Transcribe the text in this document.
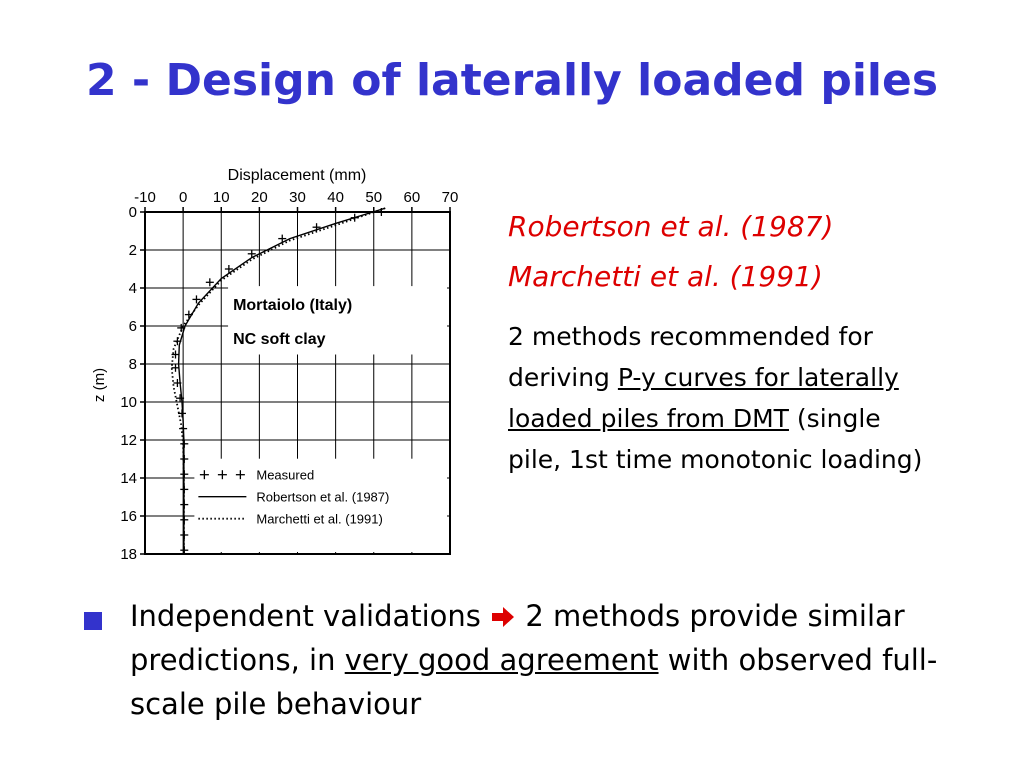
2 - Design of laterally loaded piles
Displacement (mm)
z (m)
-10 0 10 20 30 40 50 60 70
0
2
4
6
8
10
12
14
16
18
Mortaiolo (Italy)
NC soft clay
Measured
Robertson et al. (1987)
Marchetti et al. (1991)
Robertson et al. (1987)
Marchetti et al. (1991)
2 methods recommended for deriving P-y curves for laterally loaded piles from DMT (single pile, 1st time monotonic loading)
Independent validations  2 methods provide similar predictions, in very good agreement with observed full-scale pile behaviour
